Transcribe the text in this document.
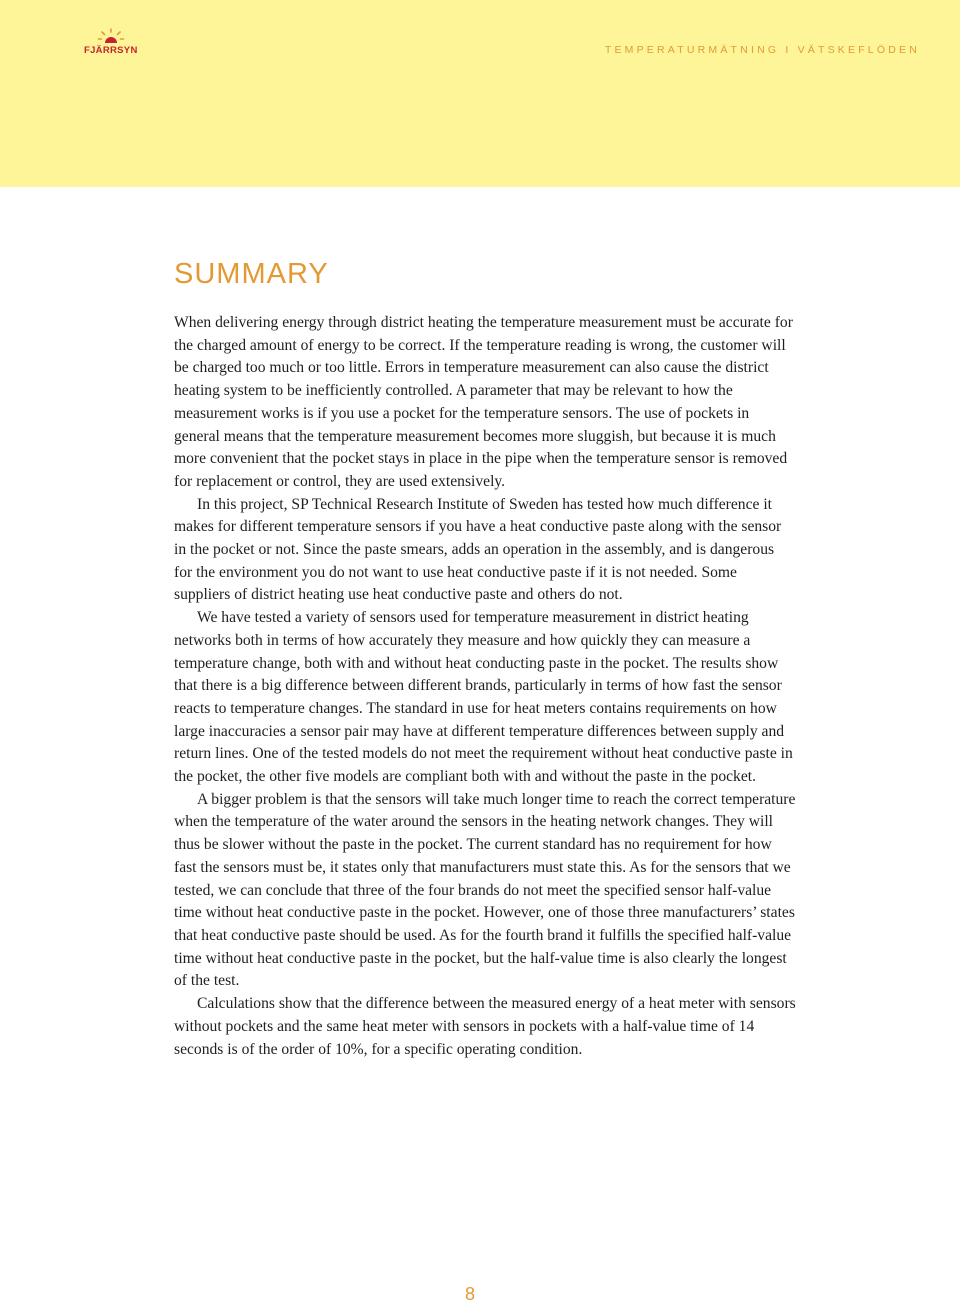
FJÄRRSYN	TEMPERATURMÄTNING I VÄTSKEFLÖDEN
SUMMARY

When delivering energy through district heating the temperature measurement must be accurate for the charged amount of energy to be correct. If the temperature reading is wrong, the customer will be charged too much or too little. Errors in temperature measurement can also cause the district heating system to be inefficiently controlled. A parameter that may be relevant to how the measurement works is if you use a pocket for the temperature sensors. The use of pockets in general means that the temperature measurement becomes more sluggish, but because it is much more convenient that the pocket stays in place in the pipe when the temperature sensor is removed for replacement or control, they are used extensively.

In this project, SP Technical Research Institute of Sweden has tested how much difference it makes for different temperature sensors if you have a heat conductive paste along with the sensor in the pocket or not. Since the paste smears, adds an operation in the assembly, and is dangerous for the environment you do not want to use heat conductive paste if it is not needed. Some suppliers of district heating use heat conductive paste and others do not.

We have tested a variety of sensors used for temperature measurement in district heating networks both in terms of how accurately they measure and how quickly they can measure a temperature change, both with and without heat conducting paste in the pocket. The results show that there is a big difference between different brands, particularly in terms of how fast the sensor reacts to temperature changes. The standard in use for heat meters contains requirements on how large inaccuracies a sensor pair may have at different temperature differences between supply and return lines. One of the tested models do not meet the requirement without heat conductive paste in the pocket, the other five models are compliant both with and without the paste in the pocket.

A bigger problem is that the sensors will take much longer time to reach the correct temperature when the temperature of the water around the sensors in the heating network changes. They will thus be slower without the paste in the pocket. The current standard has no requirement for how fast the sensors must be, it states only that manufacturers must state this. As for the sensors that we tested, we can conclude that three of the four brands do not meet the specified sensor half-value time without heat conductive paste in the pocket. However, one of those three manufacturers’ states that heat conductive paste should be used. As for the fourth brand it fulfills the specified half-value time without heat conductive paste in the pocket, but the half-value time is also clearly the longest of the test.

Calculations show that the difference between the measured energy of a heat meter with sensors without pockets and the same heat meter with sensors in pockets with a half-value time of 14 seconds is of the order of 10%, for a specific operating condition.

8
